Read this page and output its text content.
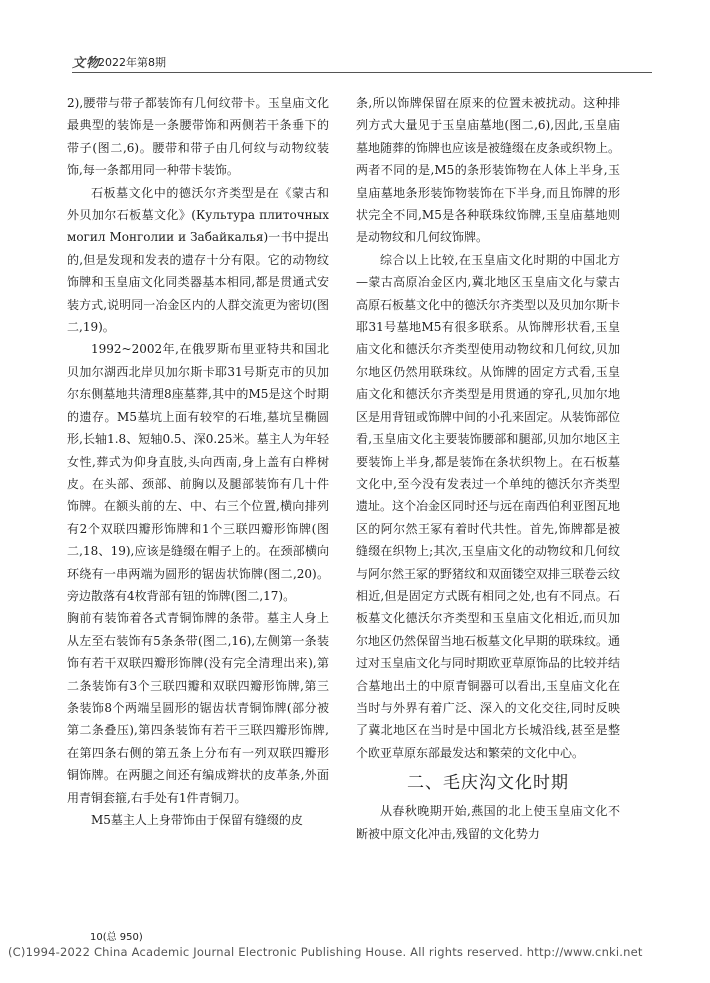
文物
2022年第8期

2),腰带与带子都装饰有几何纹带卡。玉皇庙文化最典型的装饰是一条腰带饰和两侧若干条垂下的带子(图二,6)。腰带和带子由几何纹与动物纹装饰,每一条都用同一种带卡装饰。

石板墓文化中的德沃尔齐类型是在《蒙古和外贝加尔石板墓文化》(Культура плиточных могил Монголии и Забайкалья)一书中提出的,但是发现和发表的遗存十分有限。它的动物纹饰牌和玉皇庙文化同类器基本相同,都是贯通式安装方式,说明同一冶金区内的人群交流更为密切(图二,19)。

1992~2002年,在俄罗斯布里亚特共和国北贝加尔湖西北岸贝加尔斯卡耶31号斯克市的贝加尔东侧墓地共清理8座墓葬,其中的M5是这个时期的遗存。M5墓坑上面有较窄的石堆,墓坑呈椭圆形,长轴1.8、短轴0.5、深0.25米。墓主人为年轻女性,葬式为仰身直肢,头向西南,身上盖有白桦树皮。在头部、颈部、前胸以及腿部装饰有几十件饰牌。在额头前的左、中、右三个位置,横向排列有2个双联四瓣形饰牌和1个三联四瓣形饰牌(图二,18、19),应该是缝缀在帽子上的。在颈部横向环绕有一串两端为圆形的锯齿状饰牌(图二,20)。旁边散落有4枚背部有钮的饰牌(图二,17)。

胸前有装饰着各式青铜饰牌的条带。墓主人身上从左至右装饰有5条条带(图二,16),左侧第一条装饰有若干双联四瓣形饰牌(没有完全清理出来),第二条装饰有3个三联四瓣和双联四瓣形饰牌,第三条装饰8个两端呈圆形的锯齿状青铜饰牌(部分被第二条叠压),第四条装饰有若干三联四瓣形饰牌,在第四条右侧的第五条上分布有一列双联四瓣形铜饰牌。在两腿之间还有编成辫状的皮革条,外面用青铜套箍,右手处有1件青铜刀。

M5墓主人上身带饰由于保留有缝缀的皮

条,所以饰牌保留在原来的位置未被扰动。这种排列方式大量见于玉皇庙墓地(图二,6),因此,玉皇庙墓地随葬的饰牌也应该是被缝缀在皮条或织物上。两者不同的是,M5的条形装饰物在人体上半身,玉皇庙墓地条形装饰物装饰在下半身,而且饰牌的形状完全不同,M5是各种联珠纹饰牌,玉皇庙墓地则是动物纹和几何纹饰牌。

综合以上比较,在玉皇庙文化时期的中国北方—蒙古高原冶金区内,冀北地区玉皇庙文化与蒙古高原石板墓文化中的德沃尔齐类型以及贝加尔斯卡耶31号墓地M5有很多联系。从饰牌形状看,玉皇庙文化和德沃尔齐类型使用动物纹和几何纹,贝加尔地区仍然用联珠纹。从饰牌的固定方式看,玉皇庙文化和德沃尔齐类型是用贯通的穿孔,贝加尔地区是用背钮或饰牌中间的小孔来固定。从装饰部位看,玉皇庙文化主要装饰腰部和腿部,贝加尔地区主要装饰上半身,都是装饰在条状织物上。在石板墓文化中,至今没有发表过一个单纯的德沃尔齐类型遗址。这个冶金区同时还与远在南西伯利亚图瓦地区的阿尔然王冢有着时代共性。首先,饰牌都是被缝缀在织物上;其次,玉皇庙文化的动物纹和几何纹与阿尔然王冢的野猪纹和双面镂空双排三联卷云纹相近,但是固定方式既有相同之处,也有不同点。石板墓文化德沃尔齐类型和玉皇庙文化相近,而贝加尔地区仍然保留当地石板墓文化早期的联珠纹。通过对玉皇庙文化与同时期欧亚草原饰品的比较并结合墓地出土的中原青铜器可以看出,玉皇庙文化在当时与外界有着广泛、深入的文化交往,同时反映了冀北地区在当时是中国北方长城沿线,甚至是整个欧亚草原东部最发达和繁荣的文化中心。

二、毛庆沟文化时期

从春秋晚期开始,燕国的北上使玉皇庙文化不断被中原文化冲击,残留的文化势力

10(总 950)
(C)1994-2022 China Academic Journal Electronic Publishing House. All rights reserved. http://www.cnki.net
